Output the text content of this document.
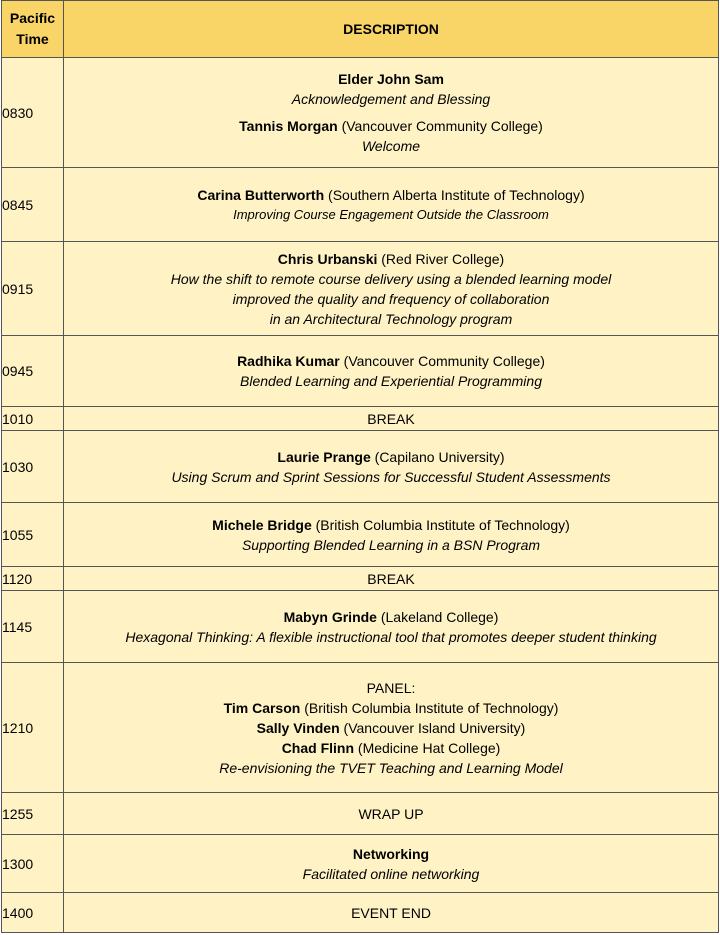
Pacific
Time	DESCRIPTION
0830	Elder John Sam
Acknowledgement and Blessing
Tannis Morgan (Vancouver Community College)
Welcome

0845	Carina Butterworth (Southern Alberta Institute of Technology)
Improving Course Engagement Outside the Classroom

0915	Chris Urbanski (Red River College)
How the shift to remote course delivery using a blended learning model
improved the quality and frequency of collaboration
in an Architectural Technology program

0945	Radhika Kumar (Vancouver Community College)
Blended Learning and Experiential Programming

1010	BREAK
1030	Laurie Prange (Capilano University)
Using Scrum and Sprint Sessions for Successful Student Assessments

1055	Michele Bridge (British Columbia Institute of Technology)
Supporting Blended Learning in a BSN Program

1120	BREAK
1145	Mabyn Grinde (Lakeland College)
Hexagonal Thinking: A flexible instructional tool that promotes deeper student thinking

1210	PANEL:
Tim Carson (British Columbia Institute of Technology)
Sally Vinden (Vancouver Island University)
Chad Flinn (Medicine Hat College)
Re-envisioning the TVET Teaching and Learning Model

1255	WRAP UP
1300	Networking
Facilitated online networking

1400	EVENT END
